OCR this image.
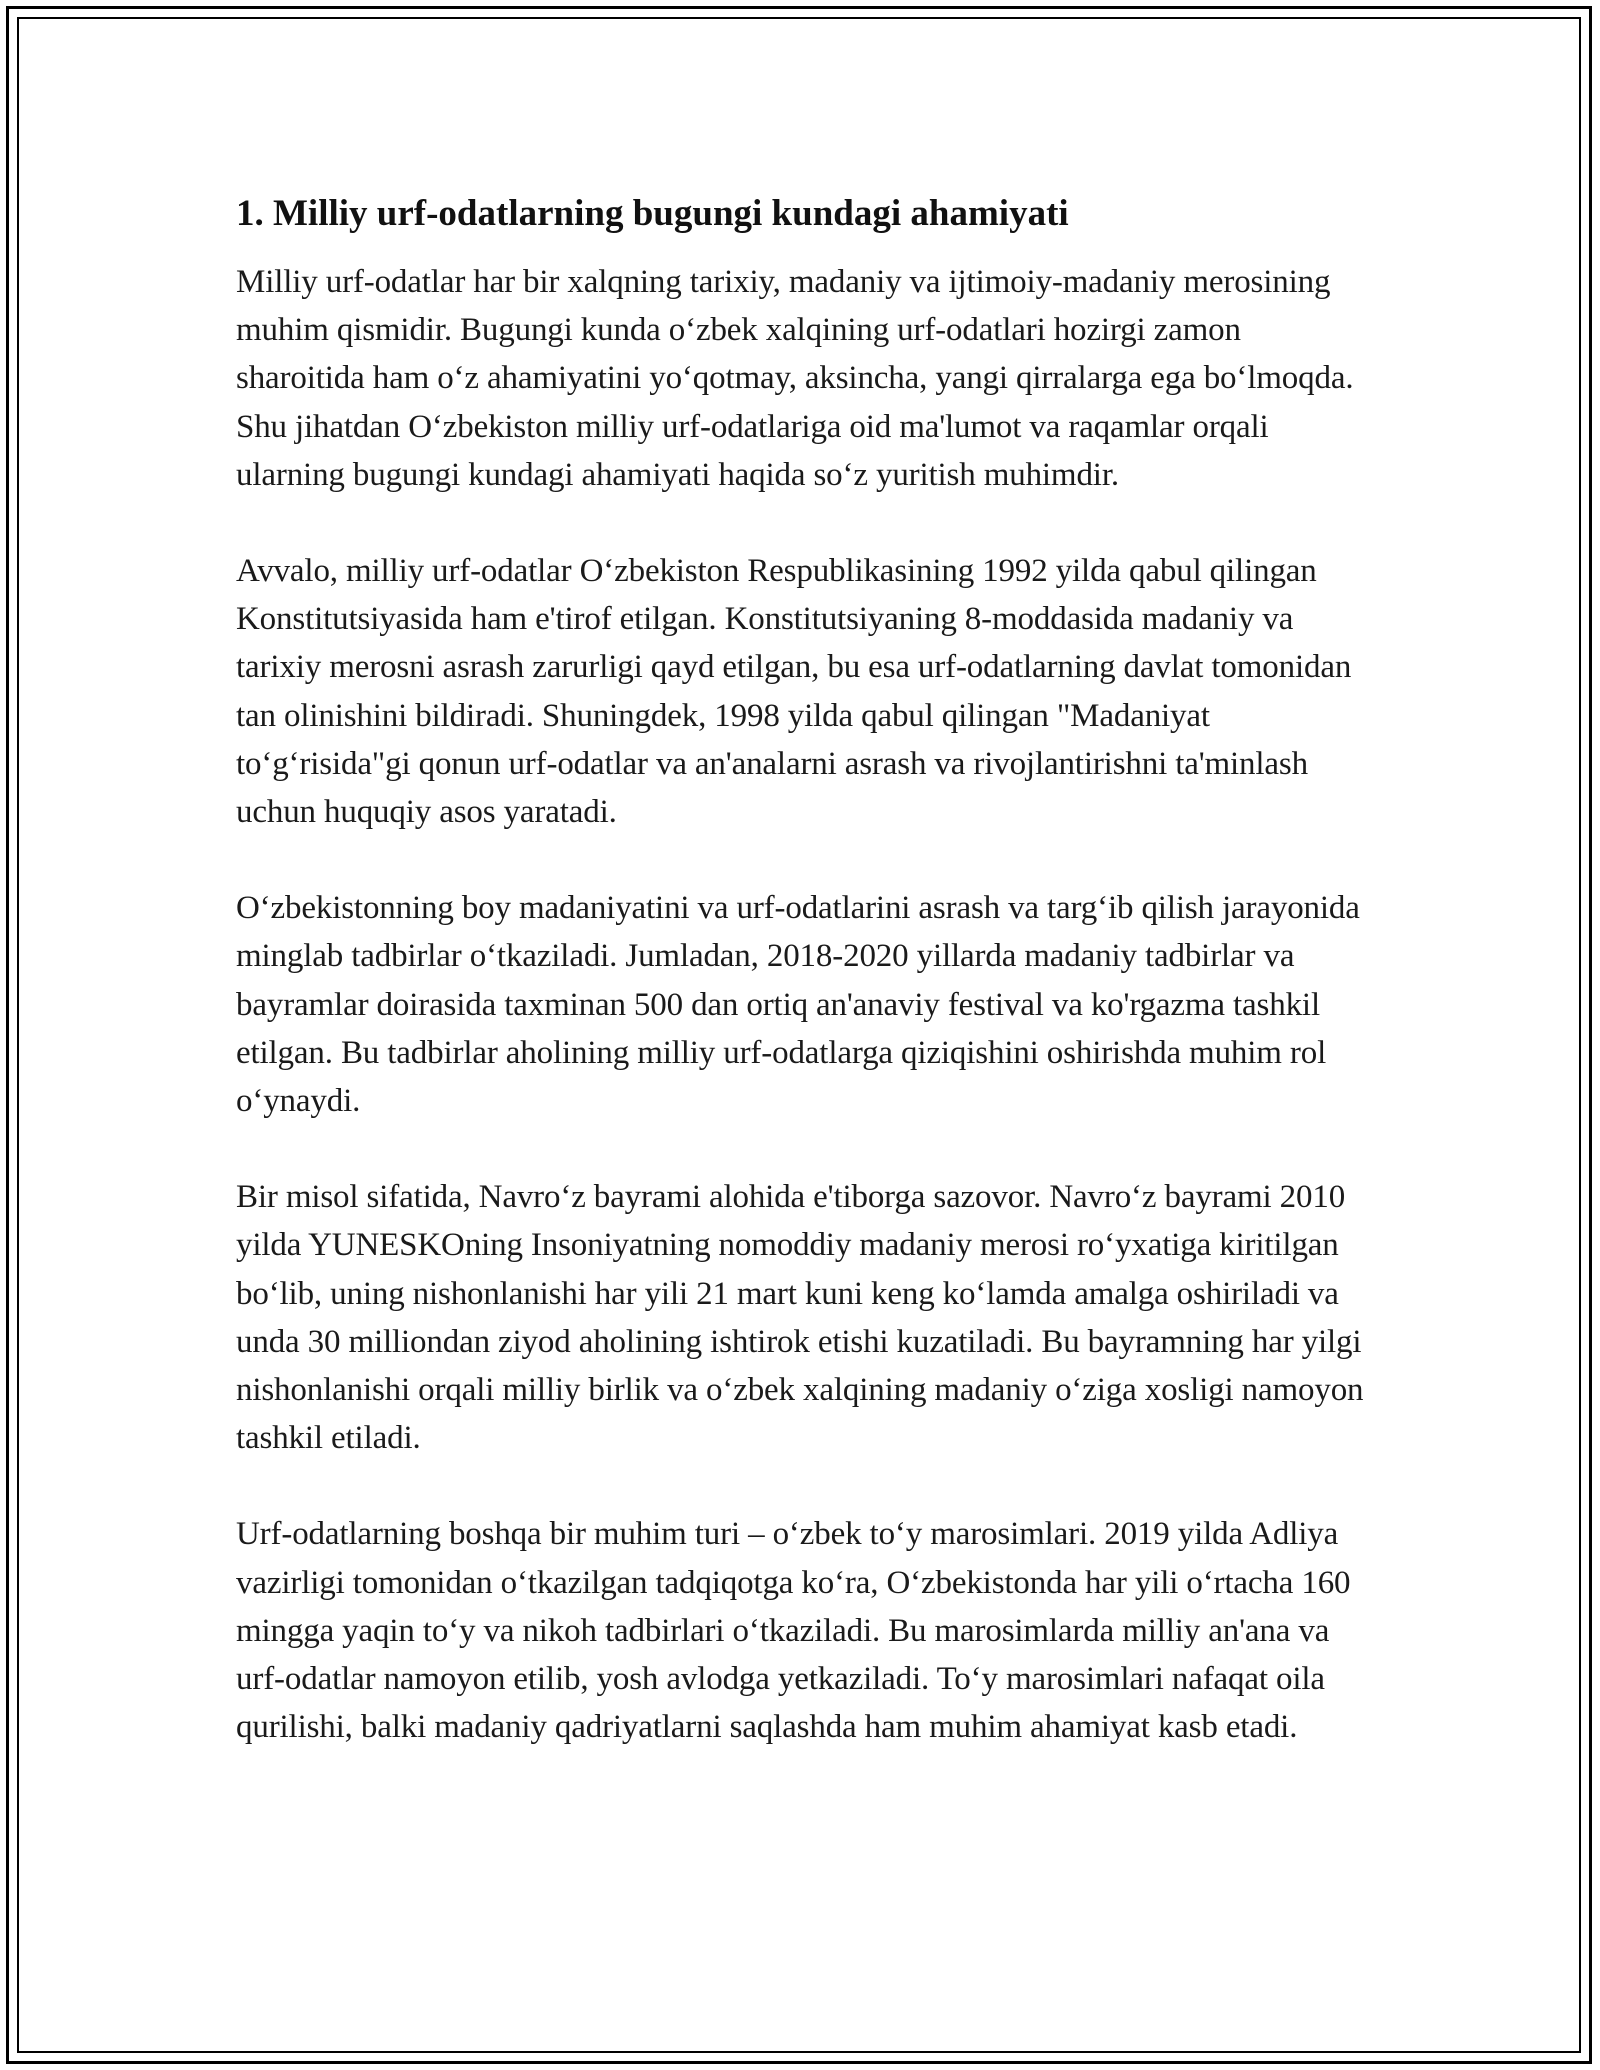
1. Milliy urf-odatlarning bugungi kundagi ahamiyati

Milliy urf-odatlar har bir xalqning tarixiy, madaniy va ijtimoiy-madaniy merosining muhim qismidir. Bugungi kunda o‘zbek xalqining urf-odatlari hozirgi zamon sharoitida ham o‘z ahamiyatini yo‘qotmay, aksincha, yangi qirralarga ega bo‘lmoqda. Shu jihatdan O‘zbekiston milliy urf-odatlariga oid ma'lumot va raqamlar orqali ularning bugungi kundagi ahamiyati haqida so‘z yuritish muhimdir.

Avvalo, milliy urf-odatlar O‘zbekiston Respublikasining 1992 yilda qabul qilingan Konstitutsiyasida ham e'tirof etilgan. Konstitutsiyaning 8-moddasida madaniy va tarixiy merosni asrash zarurligi qayd etilgan, bu esa urf-odatlarning davlat tomonidan tan olinishini bildiradi. Shuningdek, 1998 yilda qabul qilingan "Madaniyat to‘g‘risida"gi qonun urf-odatlar va an'analarni asrash va rivojlantirishni ta'minlash uchun huquqiy asos yaratadi.

O‘zbekistonning boy madaniyatini va urf-odatlarini asrash va targ‘ib qilish jarayonida minglab tadbirlar o‘tkaziladi. Jumladan, 2018-2020 yillarda madaniy tadbirlar va bayramlar doirasida taxminan 500 dan ortiq an'anaviy festival va ko'rgazma tashkil etilgan. Bu tadbirlar aholining milliy urf-odatlarga qiziqishini oshirishda muhim rol o‘ynaydi.

Bir misol sifatida, Navro‘z bayrami alohida e'tiborga sazovor. Navro‘z bayrami 2010 yilda YUNESKOning Insoniyatning nomoddiy madaniy merosi ro‘yxatiga kiritilgan bo‘lib, uning nishonlanishi har yili 21 mart kuni keng ko‘lamda amalga oshiriladi va unda 30 milliondan ziyod aholining ishtirok etishi kuzatiladi. Bu bayramning har yilgi nishonlanishi orqali milliy birlik va o‘zbek xalqining madaniy o‘ziga xosligi namoyon tashkil etiladi.

Urf-odatlarning boshqa bir muhim turi – o‘zbek to‘y marosimlari. 2019 yilda Adliya vazirligi tomonidan o‘tkazilgan tadqiqotga ko‘ra, O‘zbekistonda har yili o‘rtacha 160 mingga yaqin to‘y va nikoh tadbirlari o‘tkaziladi. Bu marosimlarda milliy an'ana va urf-odatlar namoyon etilib, yosh avlodga yetkaziladi. To‘y marosimlari nafaqat oila qurilishi, balki madaniy qadriyatlarni saqlashda ham muhim ahamiyat kasb etadi.
